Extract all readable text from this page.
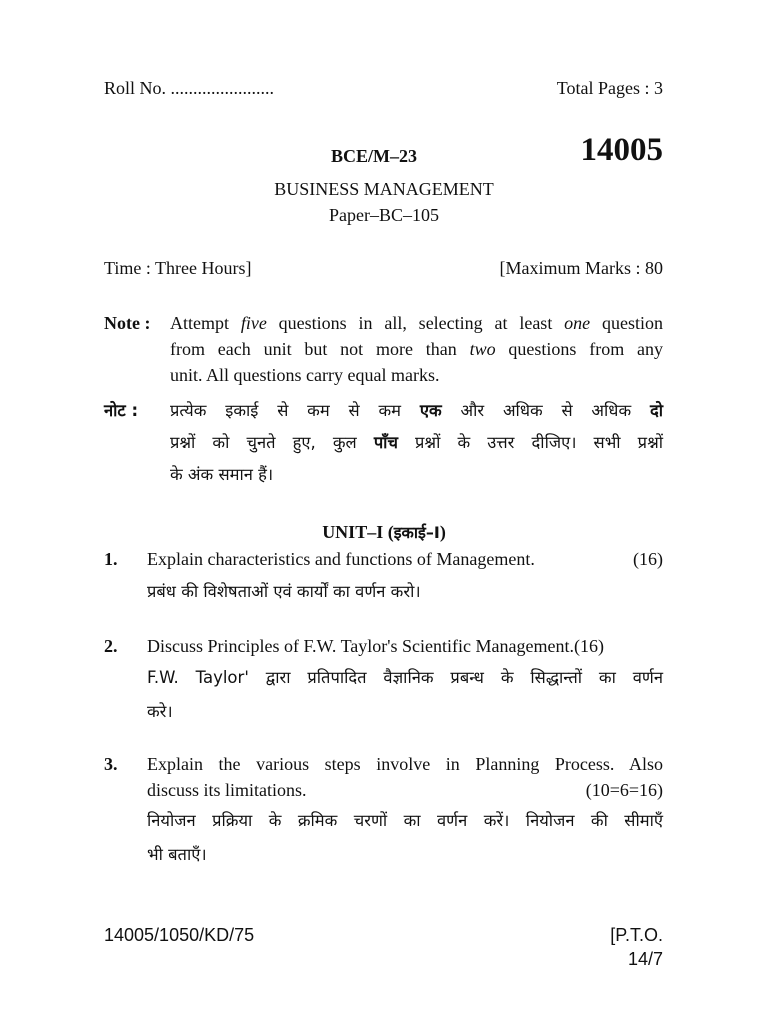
Roll No. .......................	Total Pages : 3
BCE/M–23	14005
BUSINESS MANAGEMENT
Paper–BC–105
Time : Three Hours]	[Maximum Marks : 80
Note : Attempt five questions in all, selecting at least one question
from each unit but not more than two questions from any
unit. All questions carry equal marks.
नोट : प्रत्येक इकाई से कम से कम एक और अधिक से अधिक दो
प्रश्नों को चुनते हुए, कुल पाँच प्रश्नों के उत्तर दीजिए। सभी प्रश्नों
के अंक समान हैं।
UNIT–I (इकाई–I)
1. Explain characteristics and functions of Management.	(16)
प्रबंध की विशेषताओं एवं कार्यों का वर्णन करो।
2. Discuss Principles of F.W. Taylor's Scientific Management.(16)
F.W. Taylor' द्वारा प्रतिपादित वैज्ञानिक प्रबन्ध के सिद्धान्तों का वर्णन
करे।
3. Explain the various steps involve in Planning Process. Also
discuss its limitations.	(10=6=16)
नियोजन प्रक्रिया के क्रमिक चरणों का वर्णन करें। नियोजन की सीमाएँ
भी बताएँ।
14005/1050/KD/75	[P.T.O.
14/7
